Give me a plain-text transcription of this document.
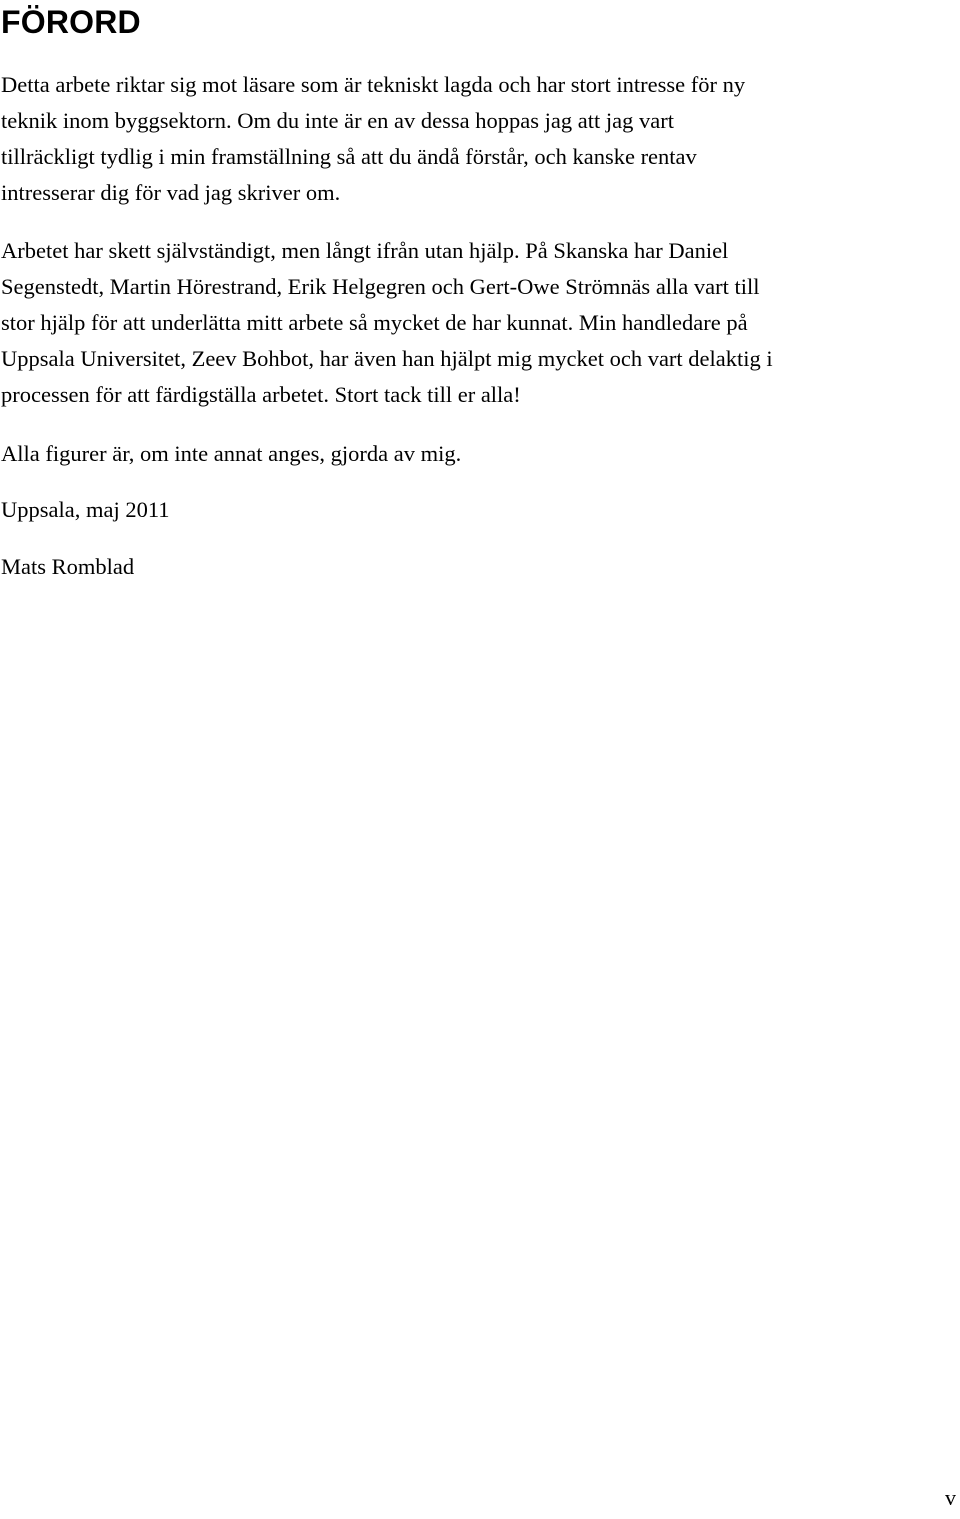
FÖRORD

Detta arbete riktar sig mot läsare som är tekniskt lagda och har stort intresse för ny
teknik inom byggsektorn. Om du inte är en av dessa hoppas jag att jag vart
tillräckligt tydlig i min framställning så att du ändå förstår, och kanske rentav
intresserar dig för vad jag skriver om.

Arbetet har skett självständigt, men långt ifrån utan hjälp. På Skanska har Daniel
Segenstedt, Martin Hörestrand, Erik Helgegren och Gert-Owe Strömnäs alla vart till
stor hjälp för att underlätta mitt arbete så mycket de har kunnat. Min handledare på
Uppsala Universitet, Zeev Bohbot, har även han hjälpt mig mycket och vart delaktig i
processen för att färdigställa arbetet. Stort tack till er alla!

Alla figurer är, om inte annat anges, gjorda av mig.

Uppsala, maj 2011

Mats Romblad

v
